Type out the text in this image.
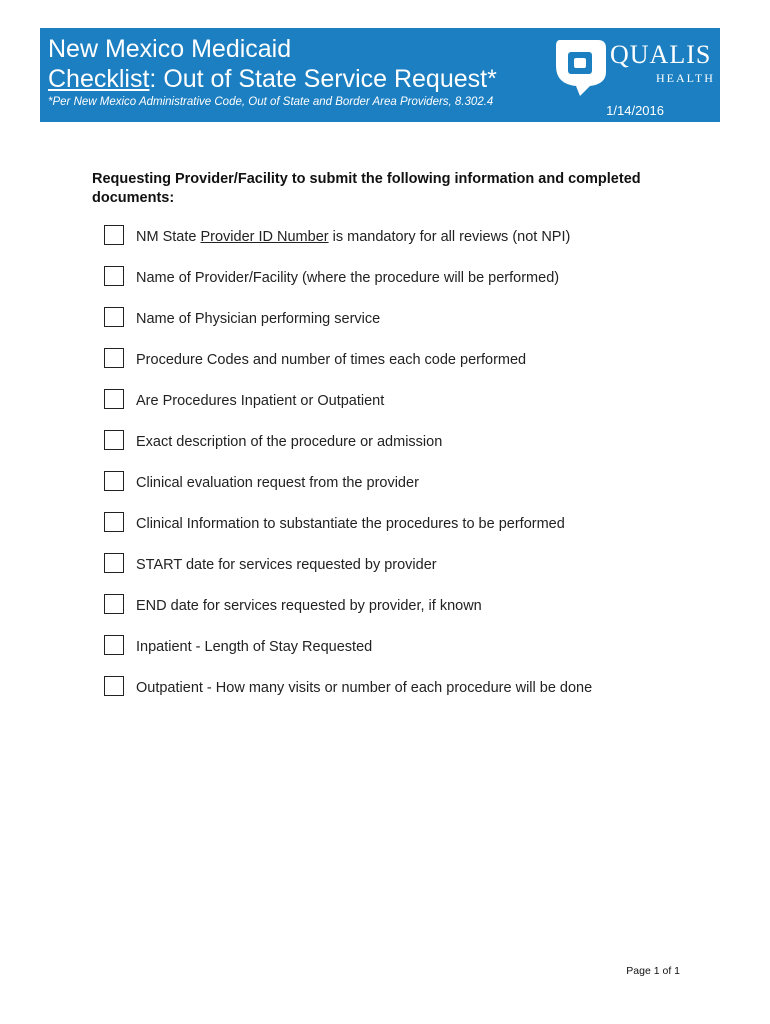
New Mexico Medicaid
Checklist: Out of State Service Request*
*Per New Mexico Administrative Code, Out of State and Border Area Providers, 8.302.4
1/14/2016
QUALIS
HEALTH
Requesting Provider/Facility to submit the following information and completed documents:
NM State Provider ID Number is mandatory for all reviews (not NPI)
Name of Provider/Facility (where the procedure will be performed)
Name of Physician performing service
Procedure Codes and number of times each code performed
Are Procedures Inpatient or Outpatient
Exact description of the procedure or admission
Clinical evaluation request from the provider
Clinical Information to substantiate the procedures to be performed
START date for services requested by provider
END date for services requested by provider, if known
Inpatient - Length of Stay Requested
Outpatient - How many visits or number of each procedure will be done
Page 1 of 1
